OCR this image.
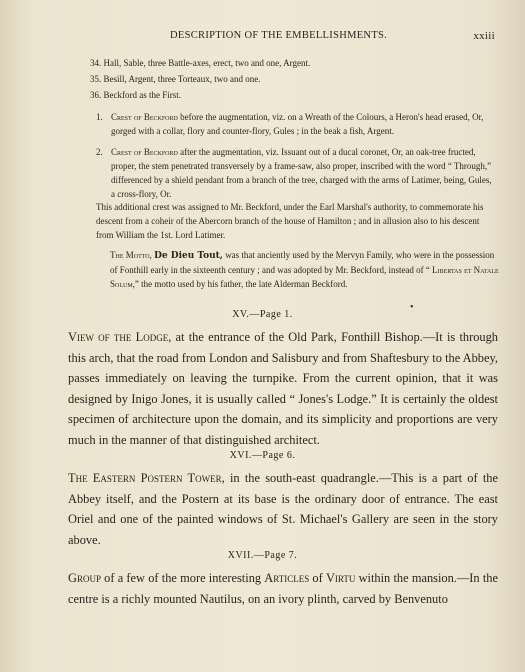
DESCRIPTION OF THE EMBELLISHMENTS.	xxiii
34. Hall, Sable, three Battle-axes, erect, two and one, Argent.
35. Besill, Argent, three Torteaux, two and one.
36. Beckford as the First.
1. Crest of Beckford before the augmentation, viz. on a Wreath of the Colours, a Heron's head erased, Or, gorged with a collar, flory and counter-flory, Gules ; in the beak a fish, Argent.
2. Crest of Beckford after the augmentation, viz. Issuant out of a ducal coronet, Or, an oak-tree fructed, proper, the stem penetrated transversely by a frame-saw, also proper, inscribed with the word “ Through,” differenced by a shield pendant from a branch of the tree, charged with the arms of Latimer, being, Gules, a cross-flory, Or.
This additional crest was assigned to Mr. Beckford, under the Earl Marshal's authority, to commemorate his descent from a coheir of the Abercorn branch of the house of Hamilton ; and in allusion also to his descent from William the 1st. Lord Latimer.
The Motto, De Dieu Tout, was that anciently used by the Mervyn Family, who were in the possession of Fonthill early in the sixteenth century ; and was adopted by Mr. Beckford, instead of “ Libertas et Natale Solum,” the motto used by his father, the late Alderman Beckford.
•
XV.—Page 1.
View of the Lodge, at the entrance of the Old Park, Fonthill Bishop.—It is through this arch, that the road from London and Salisbury and from Shaftesbury to the Abbey, passes immediately on leaving the turnpike. From the current opinion, that it was designed by Inigo Jones, it is usually called “ Jones's Lodge.” It is certainly the oldest specimen of architecture upon the domain, and its simplicity and proportions are very much in the manner of that distinguished architect.
XVI.—Page 6.
The Eastern Postern Tower, in the south-east quadrangle.—This is a part of the Abbey itself, and the Postern at its base is the ordinary door of entrance. The east Oriel and one of the painted windows of St. Michael's Gallery are seen in the story above.
XVII.—Page 7.
Group of a few of the more interesting Articles of Virtu within the mansion.—In the centre is a richly mounted Nautilus, on an ivory plinth, carved by Benvenuto
